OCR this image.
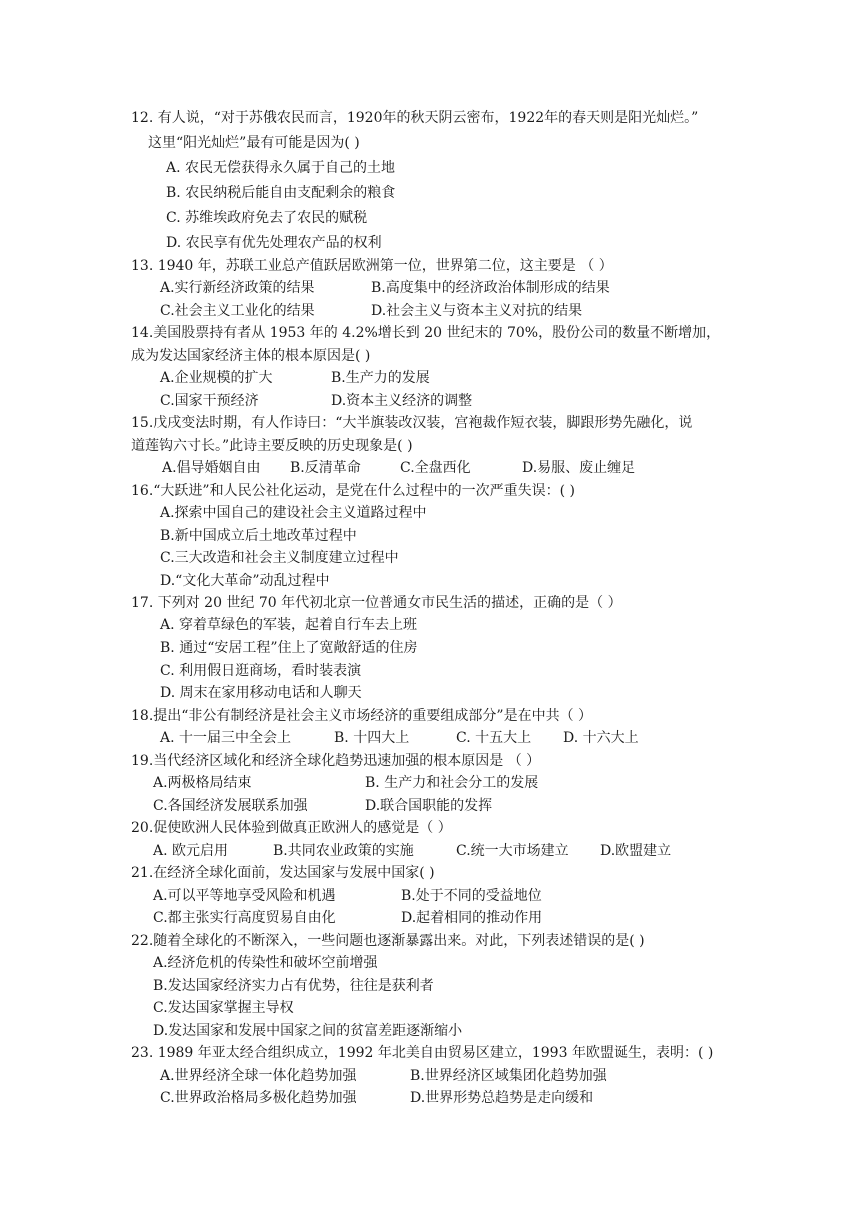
12. 有人说，“对于苏俄农民而言，1920年的秋天阴云密布，1922年的春天则是阳光灿烂。”
这里“阳光灿烂”最有可能是因为( )
A. 农民无偿获得永久属于自己的土地
B. 农民纳税后能自由支配剩余的粮食
C. 苏维埃政府免去了农民的赋税
D. 农民享有优先处理农产品的权利
13. 1940 年，苏联工业总产值跃居欧洲第一位，世界第二位，这主要是 （ ）
A.实行新经济政策的结果	B.高度集中的经济政治体制形成的结果
C.社会主义工业化的结果	D.社会主义与资本主义对抗的结果
14.美国股票持有者从 1953 年的 4.2%增长到 20 世纪末的 70%，股份公司的数量不断增加，
成为发达国家经济主体的根本原因是( )
A.企业规模的扩大	B.生产力的发展
C.国家干预经济	D.资本主义经济的调整
15.戊戌变法时期，有人作诗曰：“大半旗装改汉装，宫袍裁作短衣装，脚跟形势先融化，说
道莲钩六寸长。”此诗主要反映的历史现象是( )
A.倡导婚姻自由 B.反清革命	C.全盘西化	D.易服、废止缠足
16.“大跃进”和人民公社化运动，是党在什么过程中的一次严重失误：( )
A.探索中国自己的建设社会主义道路过程中
B.新中国成立后土地改革过程中
C.三大改造和社会主义制度建立过程中
D.“文化大革命”动乱过程中
17. 下列对 20 世纪 70 年代初北京一位普通女市民生活的描述，正确的是（ ）
A. 穿着草绿色的军装，起着自行车去上班
B. 通过“安居工程”住上了宽敞舒适的住房
C. 利用假日逛商场，看时装表演
D. 周末在家用移动电话和人聊天
18.提出“非公有制经济是社会主义市场经济的重要组成部分”是在中共（ ）
A. 十一届三中全会上	B. 十四大上	C. 十五大上 D. 十六大上
19.当代经济区域化和经济全球化趋势迅速加强的根本原因是 （ ）
A.两极格局结束	B. 生产力和社会分工的发展
C.各国经济发展联系加强	D.联合国职能的发挥
20.促使欧洲人民体验到做真正欧洲人的感觉是（ ）
A. 欧元启用	B.共同农业政策的实施	C.统一大市场建立 D.欧盟建立
21.在经济全球化面前，发达国家与发展中国家( )
A.可以平等地享受风险和机遇	B.处于不同的受益地位
C.都主张实行高度贸易自由化	D.起着相同的推动作用
22.随着全球化的不断深入，一些问题也逐渐暴露出来。对此，下列表述错误的是( )
A.经济危机的传染性和破坏空前增强
B.发达国家经济实力占有优势，往往是获利者
C.发达国家掌握主导权
D.发达国家和发展中国家之间的贫富差距逐渐缩小
23. 1989 年亚太经合组织成立，1992 年北美自由贸易区建立，1993 年欧盟诞生，表明：( )
A.世界经济全球一体化趋势加强	B.世界经济区域集团化趋势加强
C.世界政治格局多极化趋势加强	D.世界形势总趋势是走向缓和
